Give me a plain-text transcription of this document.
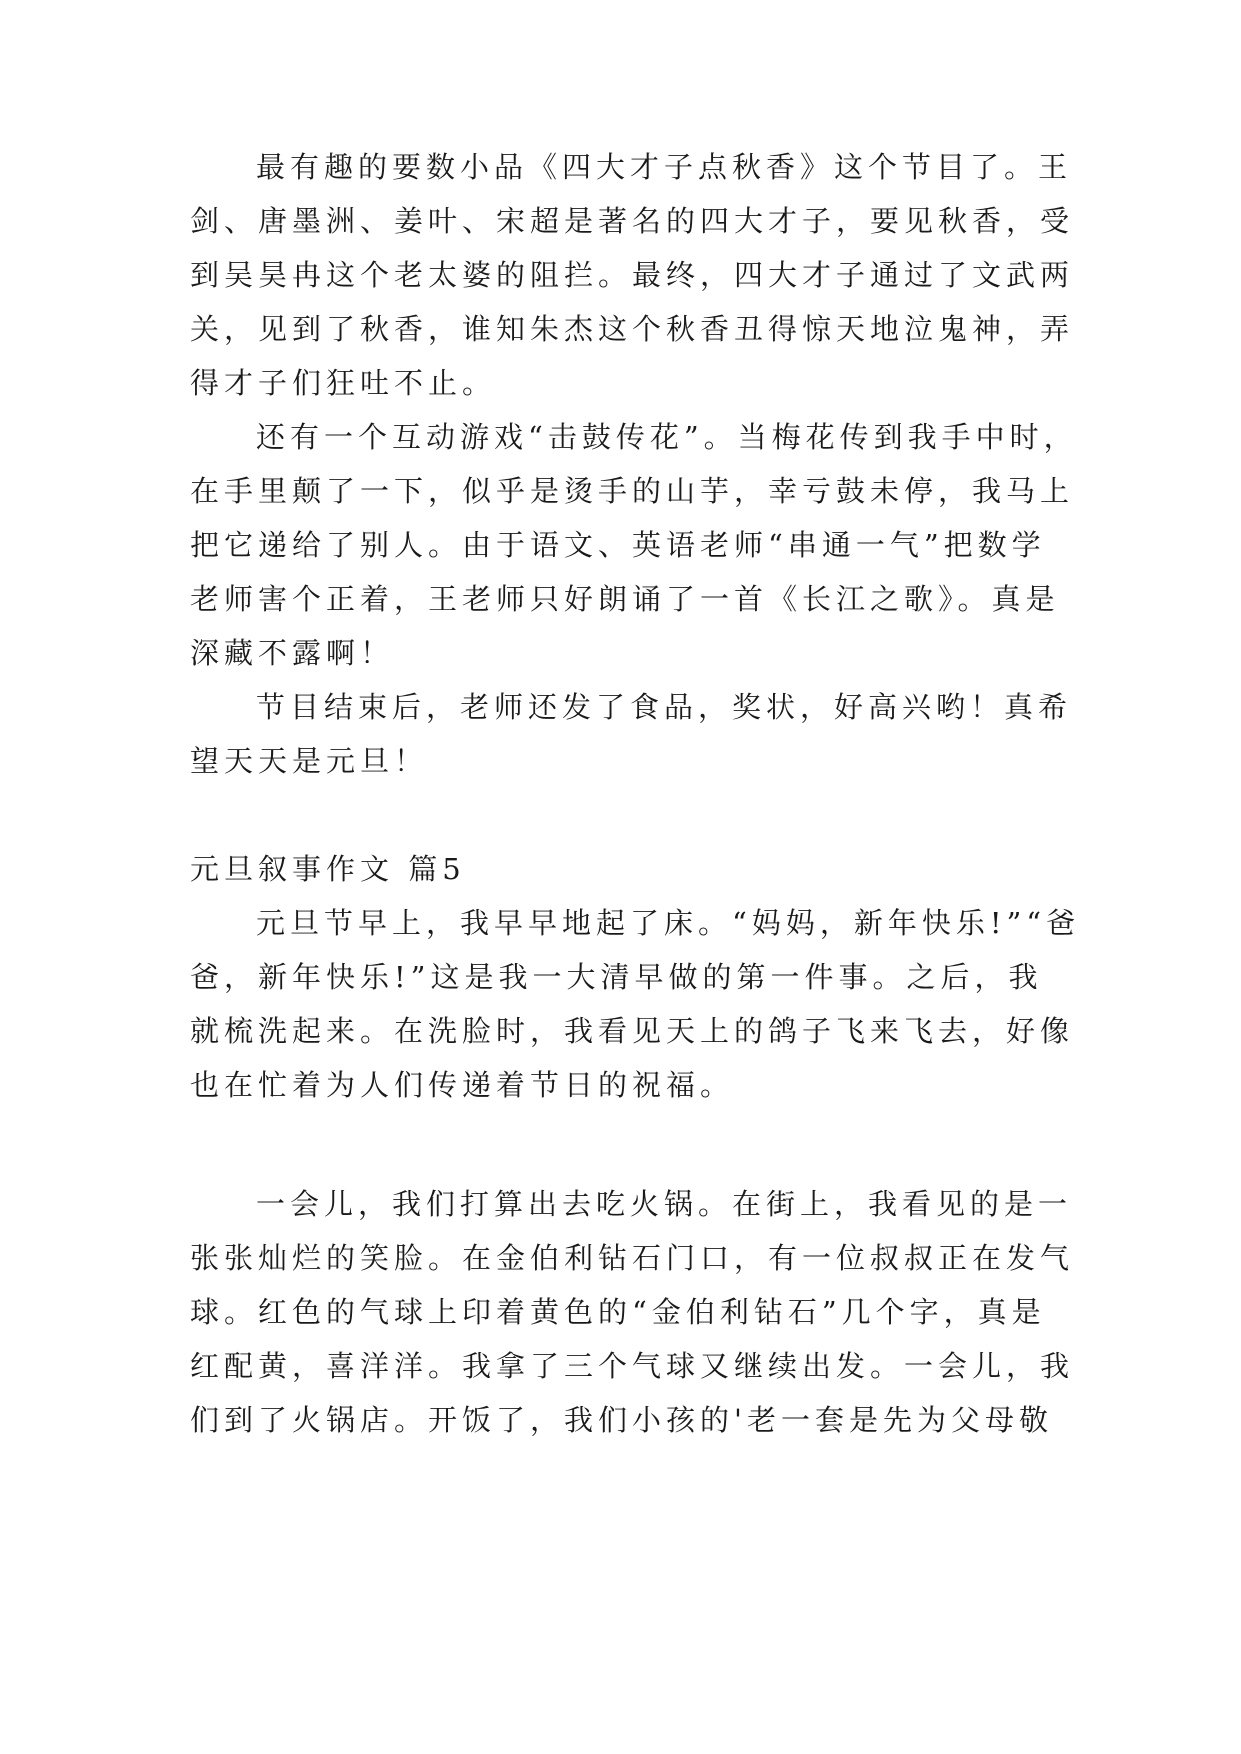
最有趣的要数小品《四大才子点秋香》这个节目了。王
剑、唐墨洲、姜叶、宋超是著名的四大才子，要见秋香，受
到吴昊冉这个老太婆的阻拦。最终，四大才子通过了文武两
关，见到了秋香，谁知朱杰这个秋香丑得惊天地泣鬼神，弄
得才子们狂吐不止。
还有一个互动游戏“击鼓传花”。当梅花传到我手中时，
在手里颠了一下，似乎是烫手的山芋，幸亏鼓未停，我马上
把它递给了别人。由于语文、英语老师“串通一气”把数学
老师害个正着，王老师只好朗诵了一首《长江之歌》。真是
深藏不露啊！
节目结束后，老师还发了食品，奖状，好高兴哟！真希
望天天是元旦！
元旦叙事作文 篇5
元旦节早上，我早早地起了床。“妈妈，新年快乐!”“爸
爸，新年快乐!”这是我一大清早做的第一件事。之后，我
就梳洗起来。在洗脸时，我看见天上的鸽子飞来飞去，好像
也在忙着为人们传递着节日的祝福。
一会儿，我们打算出去吃火锅。在街上，我看见的是一
张张灿烂的笑脸。在金伯利钻石门口，有一位叔叔正在发气
球。红色的气球上印着黄色的“金伯利钻石”几个字，真是
红配黄，喜洋洋。我拿了三个气球又继续出发。一会儿，我
们到了火锅店。开饭了，我们小孩的'老一套是先为父母敬
